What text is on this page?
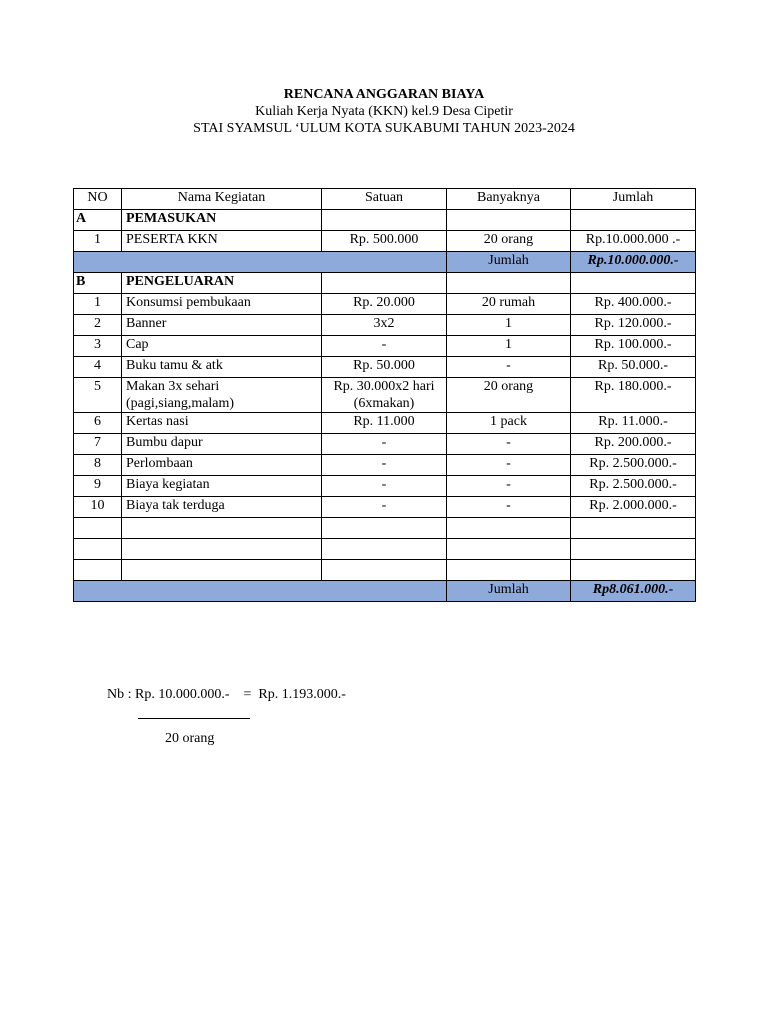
RENCANA ANGGARAN BIAYA
Kuliah Kerja Nyata (KKN) kel.9 Desa Cipetir
STAI SYAMSUL ‘ULUM KOTA SUKABUMI TAHUN 2023-2024
NO	Nama Kegiatan	Satuan	Banyaknya	Jumlah
A	PEMASUKAN			
1	PESERTA KKN	Rp. 500.000	20 orang	Rp.10.000.000 .-
			Jumlah	Rp.10.000.000.-
B	PENGELUARAN			
1	Konsumsi pembukaan	Rp. 20.000	20 rumah	Rp. 400.000.-
2	Banner	3x2	1	Rp. 120.000.-
3	Cap	-	1	Rp. 100.000.-
4	Buku tamu & atk	Rp. 50.000	-	Rp. 50.000.-
5	Makan 3x sehari (pagi,siang,malam)	Rp. 30.000x2 hari (6xmakan)	20 orang	Rp. 180.000.-
6	Kertas nasi	Rp. 11.000	1 pack	Rp. 11.000.-
7	Bumbu dapur	-	-	Rp. 200.000.-
8	Perlombaan	-	-	Rp. 2.500.000.-
9	Biaya kegiatan	-	-	Rp. 2.500.000.-
10	Biaya tak terduga	-	-	Rp. 2.000.000.-

			Jumlah	Rp8.061.000.-
Nb : Rp. 10.000.000.-    =  Rp. 1.193.000.-
20 orang
